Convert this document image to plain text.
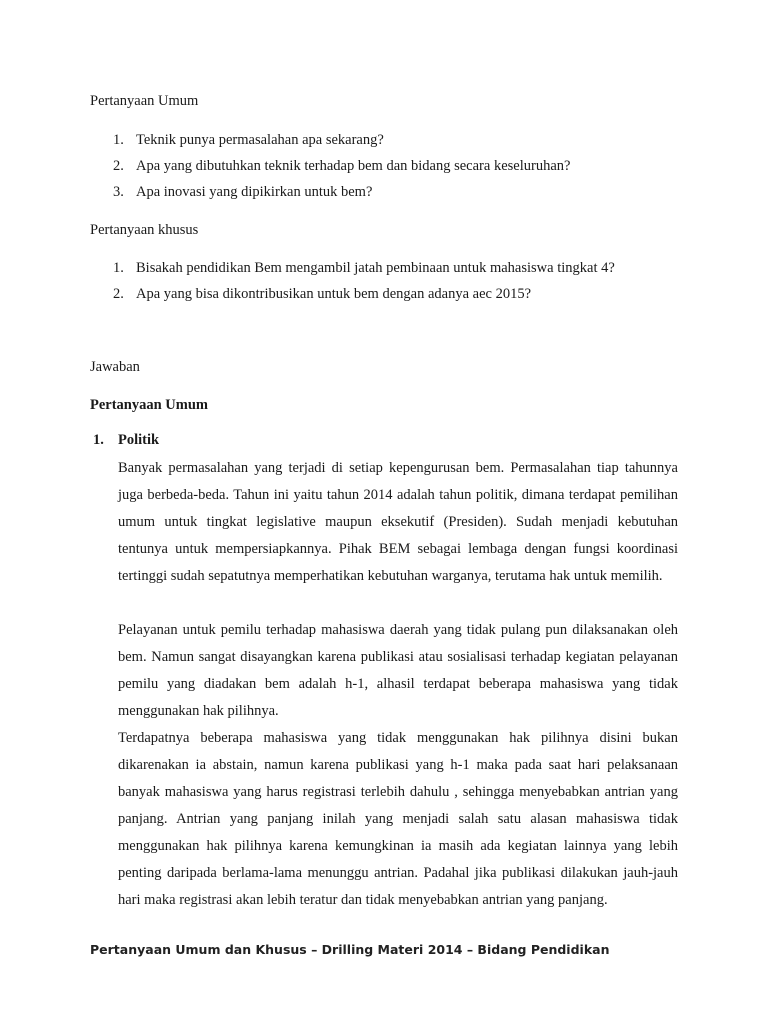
Pertanyaan Umum

1. Teknik punya permasalahan apa sekarang?
2. Apa yang dibutuhkan teknik terhadap bem dan bidang secara keseluruhan?
3. Apa inovasi yang dipikirkan untuk bem?

Pertanyaan khusus

1. Bisakah pendidikan Bem mengambil jatah pembinaan untuk mahasiswa tingkat 4?
2. Apa yang bisa dikontribusikan untuk bem dengan adanya aec 2015?

Jawaban

Pertanyaan Umum

1. Politik

Banyak permasalahan yang terjadi di setiap kepengurusan bem. Permasalahan tiap tahunnya juga berbeda-beda. Tahun ini yaitu tahun 2014 adalah tahun politik, dimana terdapat pemilihan umum untuk tingkat legislative maupun eksekutif (Presiden). Sudah menjadi kebutuhan tentunya untuk mempersiapkannya. Pihak BEM sebagai lembaga dengan fungsi koordinasi tertinggi sudah sepatutnya memperhatikan kebutuhan warganya, terutama hak untuk memilih.

Pelayanan untuk pemilu terhadap mahasiswa daerah yang tidak pulang pun dilaksanakan oleh bem. Namun sangat disayangkan karena publikasi atau sosialisasi terhadap kegiatan pelayanan pemilu yang diadakan bem adalah h-1, alhasil terdapat beberapa mahasiswa yang tidak menggunakan hak pilihnya.

Terdapatnya beberapa mahasiswa yang tidak menggunakan hak pilihnya disini bukan dikarenakan ia abstain, namun karena publikasi yang h-1 maka pada saat hari pelaksanaan banyak mahasiswa yang harus registrasi terlebih dahulu , sehingga menyebabkan antrian yang panjang. Antrian yang panjang inilah yang menjadi salah satu alasan mahasiswa tidak menggunakan hak pilihnya karena kemungkinan ia masih ada kegiatan lainnya yang lebih penting daripada berlama-lama menunggu antrian. Padahal jika publikasi dilakukan jauh-jauh hari maka registrasi akan lebih teratur dan tidak menyebabkan antrian yang panjang.

Pertanyaan Umum dan Khusus – Drilling Materi 2014 – Bidang Pendidikan
